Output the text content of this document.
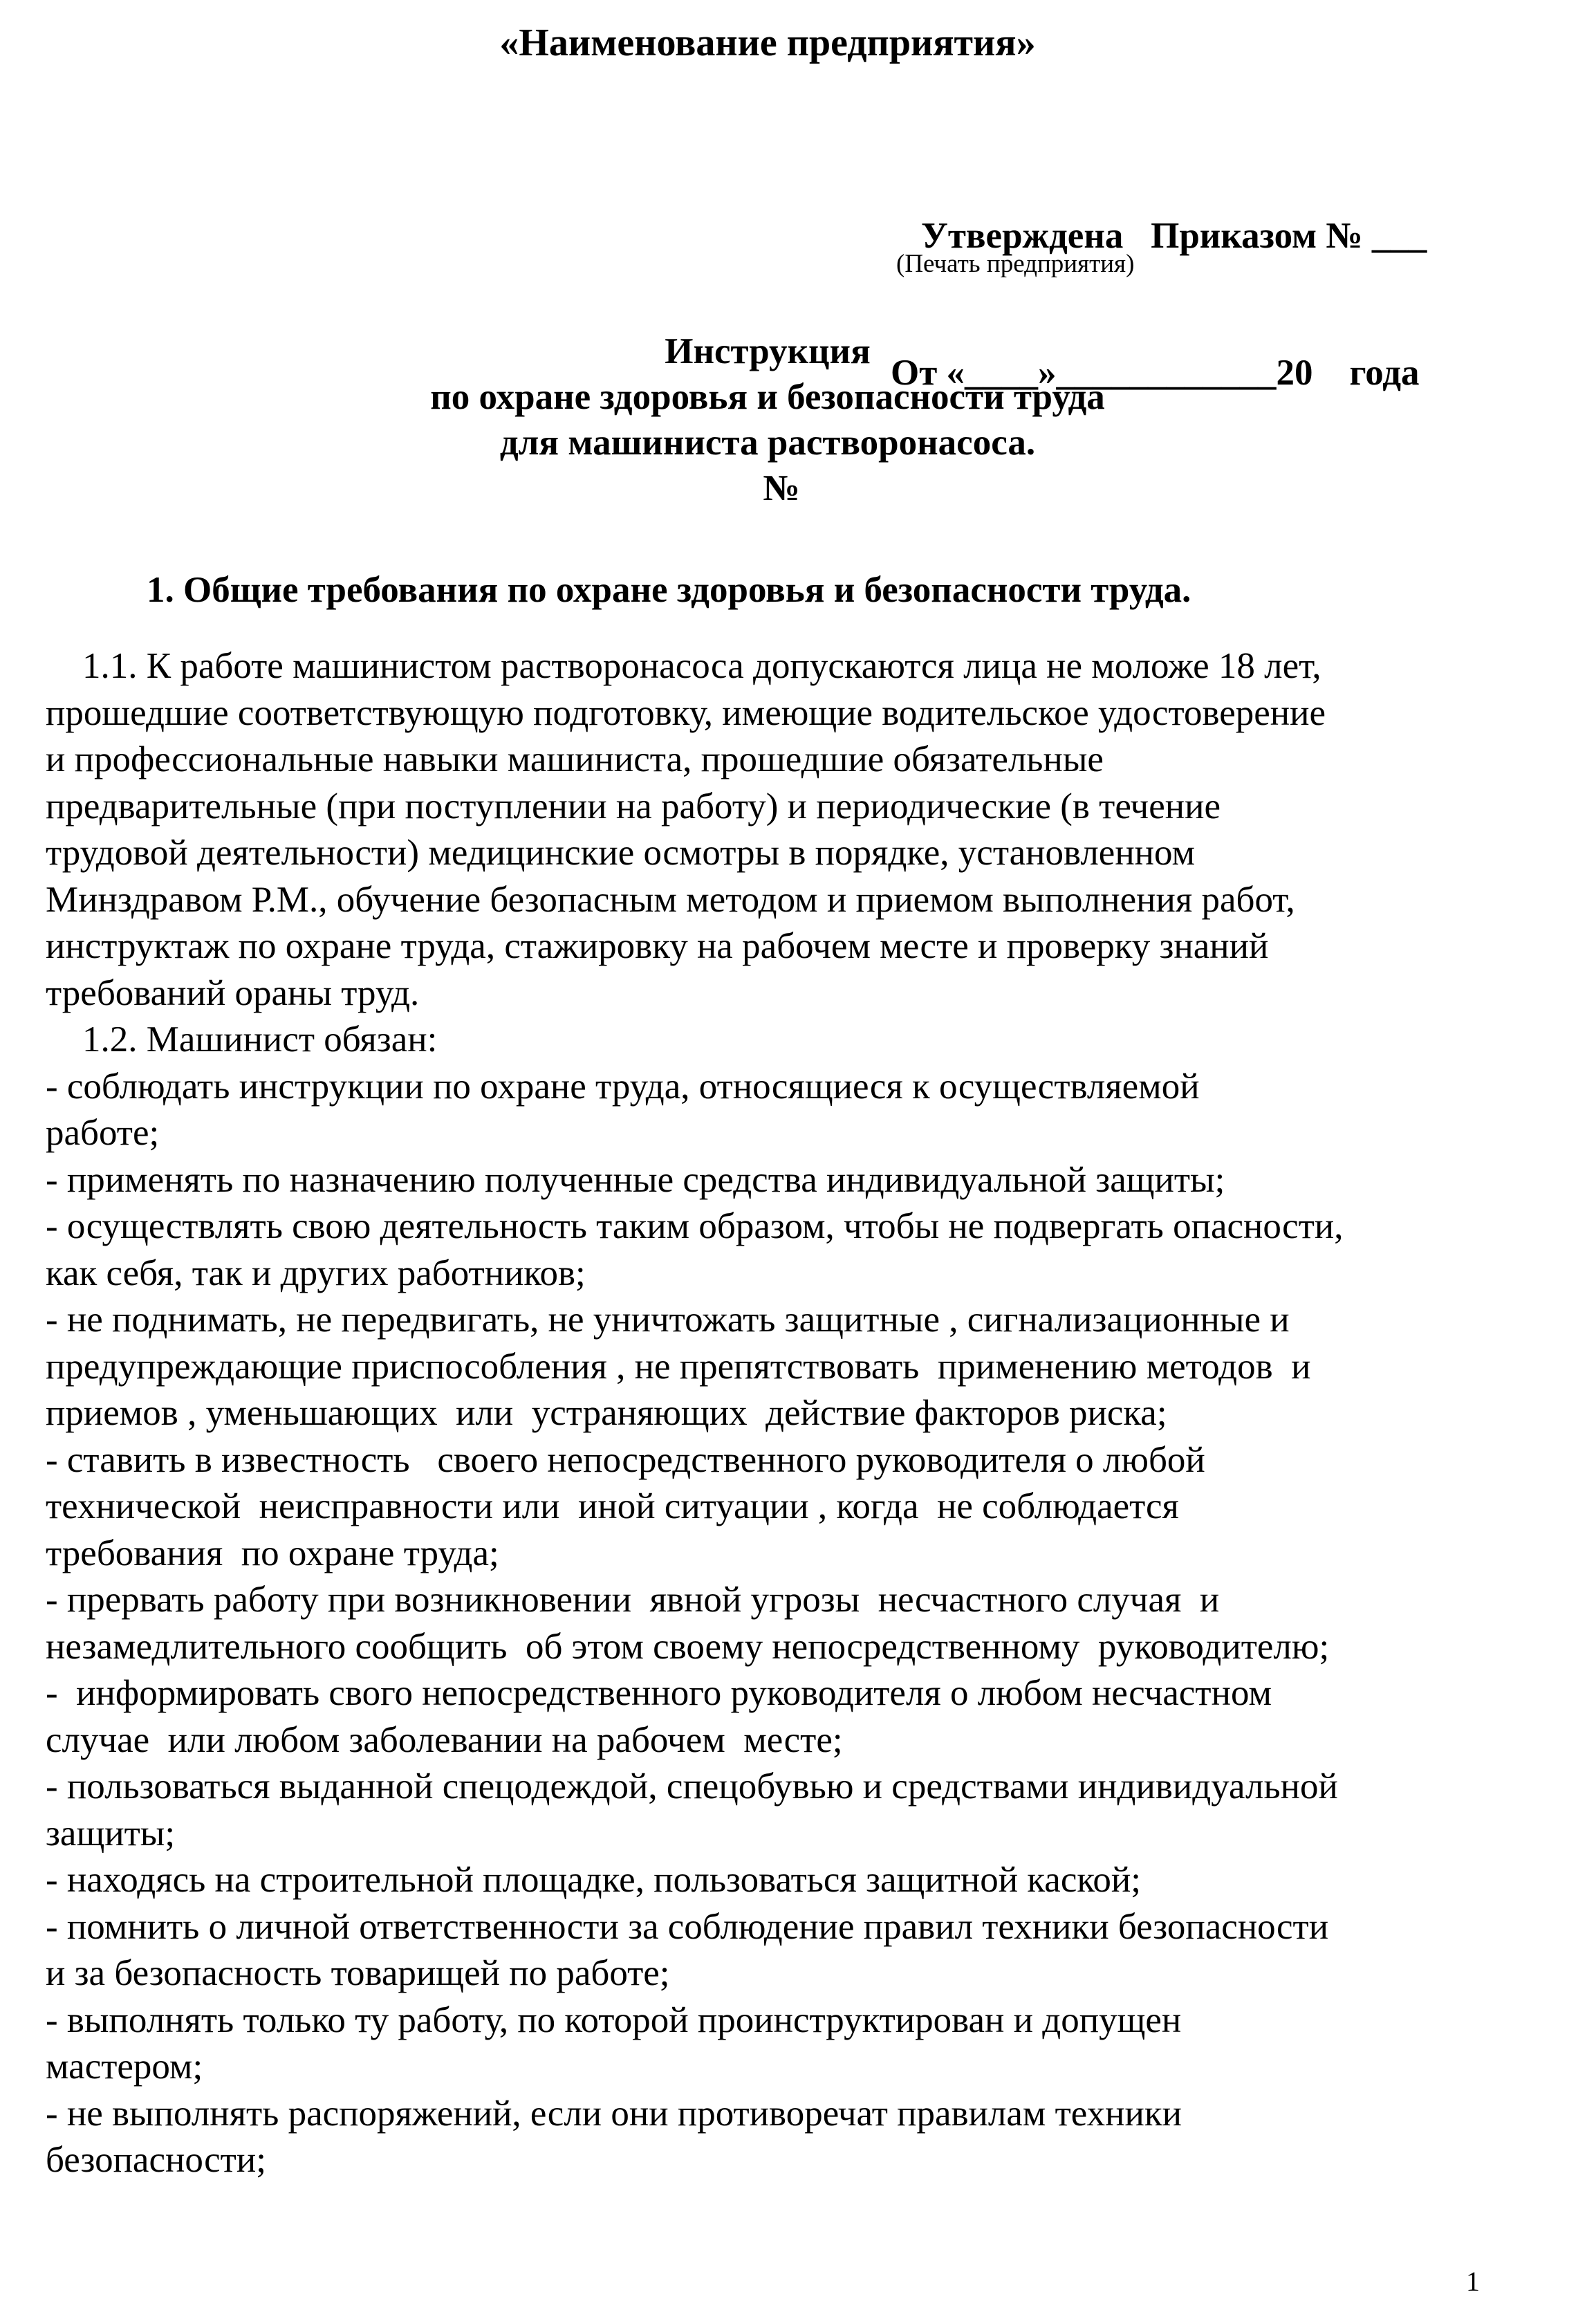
«Наименование предприятия»

Утверждена   Приказом № ___

От «____»____________20    года

(Печать предприятия)
Инструкция
по охране здоровья и безопасности труда
для машиниста растворонасоса.
№
1. Общие требования по охране здоровья и безопасности труда.
1.1. К работе машинистом растворонасоса допускаются лица не моложе 18 лет,
прошедшие соответствующую подготовку, имеющие водительское удостоверение
и профессиональные навыки машиниста, прошедшие обязательные
предварительные (при поступлении на работу) и периодические (в течение
трудовой деятельности) медицинские осмотры в порядке, установленном
Минздравом Р.М., обучение безопасным методом и приемом выполнения работ,
инструктаж по охране труда, стажировку на рабочем месте и проверку знаний
требований ораны труд.
1.2. Машинист обязан:
- соблюдать инструкции по охране труда, относящиеся к осуществляемой
работе;
- применять по назначению полученные средства индивидуальной защиты;
- осуществлять свою деятельность таким образом, чтобы не подвергать опасности,
как себя, так и других работников;
- не поднимать, не передвигать, не уничтожать защитные , сигнализационные и
предупреждающие приспособления , не препятствовать  применению методов  и
приемов , уменьшающих  или  устраняющих  действие факторов риска;
- ставить в известность   своего непосредственного руководителя о любой
технической  неисправности или  иной ситуации , когда  не соблюдается
требования  по охране труда;
- прервать работу при возникновении  явной угрозы  несчастного случая  и
незамедлительного сообщить  об этом своему непосредственному  руководителю;
-  информировать свого непосредственного руководителя о любом несчастном
случае  или любом заболевании на рабочем  месте;
- пользоваться выданной спецодеждой, спецобувью и средствами индивидуальной
защиты;
- находясь на строительной площадке, пользоваться защитной каской;
- помнить о личной ответственности за соблюдение правил техники безопасности
и за безопасность товарищей по работе;
- выполнять только ту работу, по которой проинструктирован и допущен
мастером;
- не выполнять распоряжений, если они противоречат правилам техники
безопасности;
1
